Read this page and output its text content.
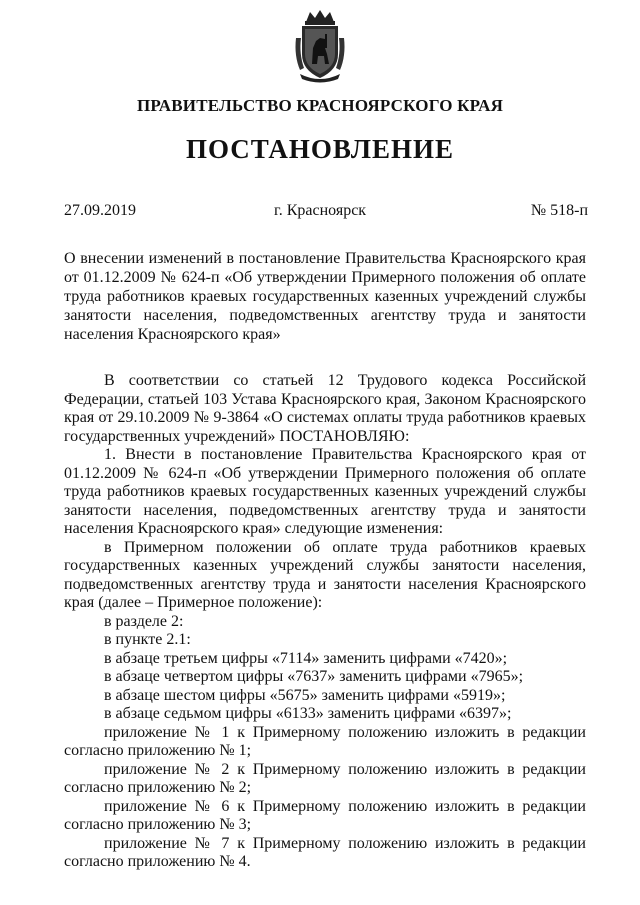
ПРАВИТЕЛЬСТВО КРАСНОЯРСКОГО КРАЯ
ПОСТАНОВЛЕНИЕ
27.09.2019	г. Красноярск	№ 518-п
О внесении изменений в постановление Правительства Красноярского края от 01.12.2009 № 624-п «Об утверждении Примерного положения об оплате труда работников краевых государственных казенных учреждений службы занятости населения, подведомственных агентству труда и занятости населения Красноярского края»

В соответствии со статьей 12 Трудового кодекса Российской Федерации, статьей 103 Устава Красноярского края, Законом Красноярского края от 29.10.2009 № 9-3864 «О системах оплаты труда работников краевых государственных учреждений» ПОСТАНОВЛЯЮ:

1. Внести в постановление Правительства Красноярского края от 01.12.2009 № 624-п «Об утверждении Примерного положения об оплате труда работников краевых государственных казенных учреждений службы занятости населения, подведомственных агентству труда и занятости населения Красноярского края» следующие изменения:

в Примерном положении об оплате труда работников краевых государственных казенных учреждений службы занятости населения, подведомственных агентству труда и занятости населения Красноярского края (далее – Примерное положение):

в разделе 2:

в пункте 2.1:

в абзаце третьем цифры «7114» заменить цифрами «7420»;

в абзаце четвертом цифры «7637» заменить цифрами «7965»;

в абзаце шестом цифры «5675» заменить цифрами «5919»;

в абзаце седьмом цифры «6133» заменить цифрами «6397»;

приложение № 1 к Примерному положению изложить в редакции согласно приложению № 1;

приложение № 2 к Примерному положению изложить в редакции согласно приложению № 2;

приложение № 6 к Примерному положению изложить в редакции согласно приложению № 3;

приложение № 7 к Примерному положению изложить в редакции согласно приложению № 4.
